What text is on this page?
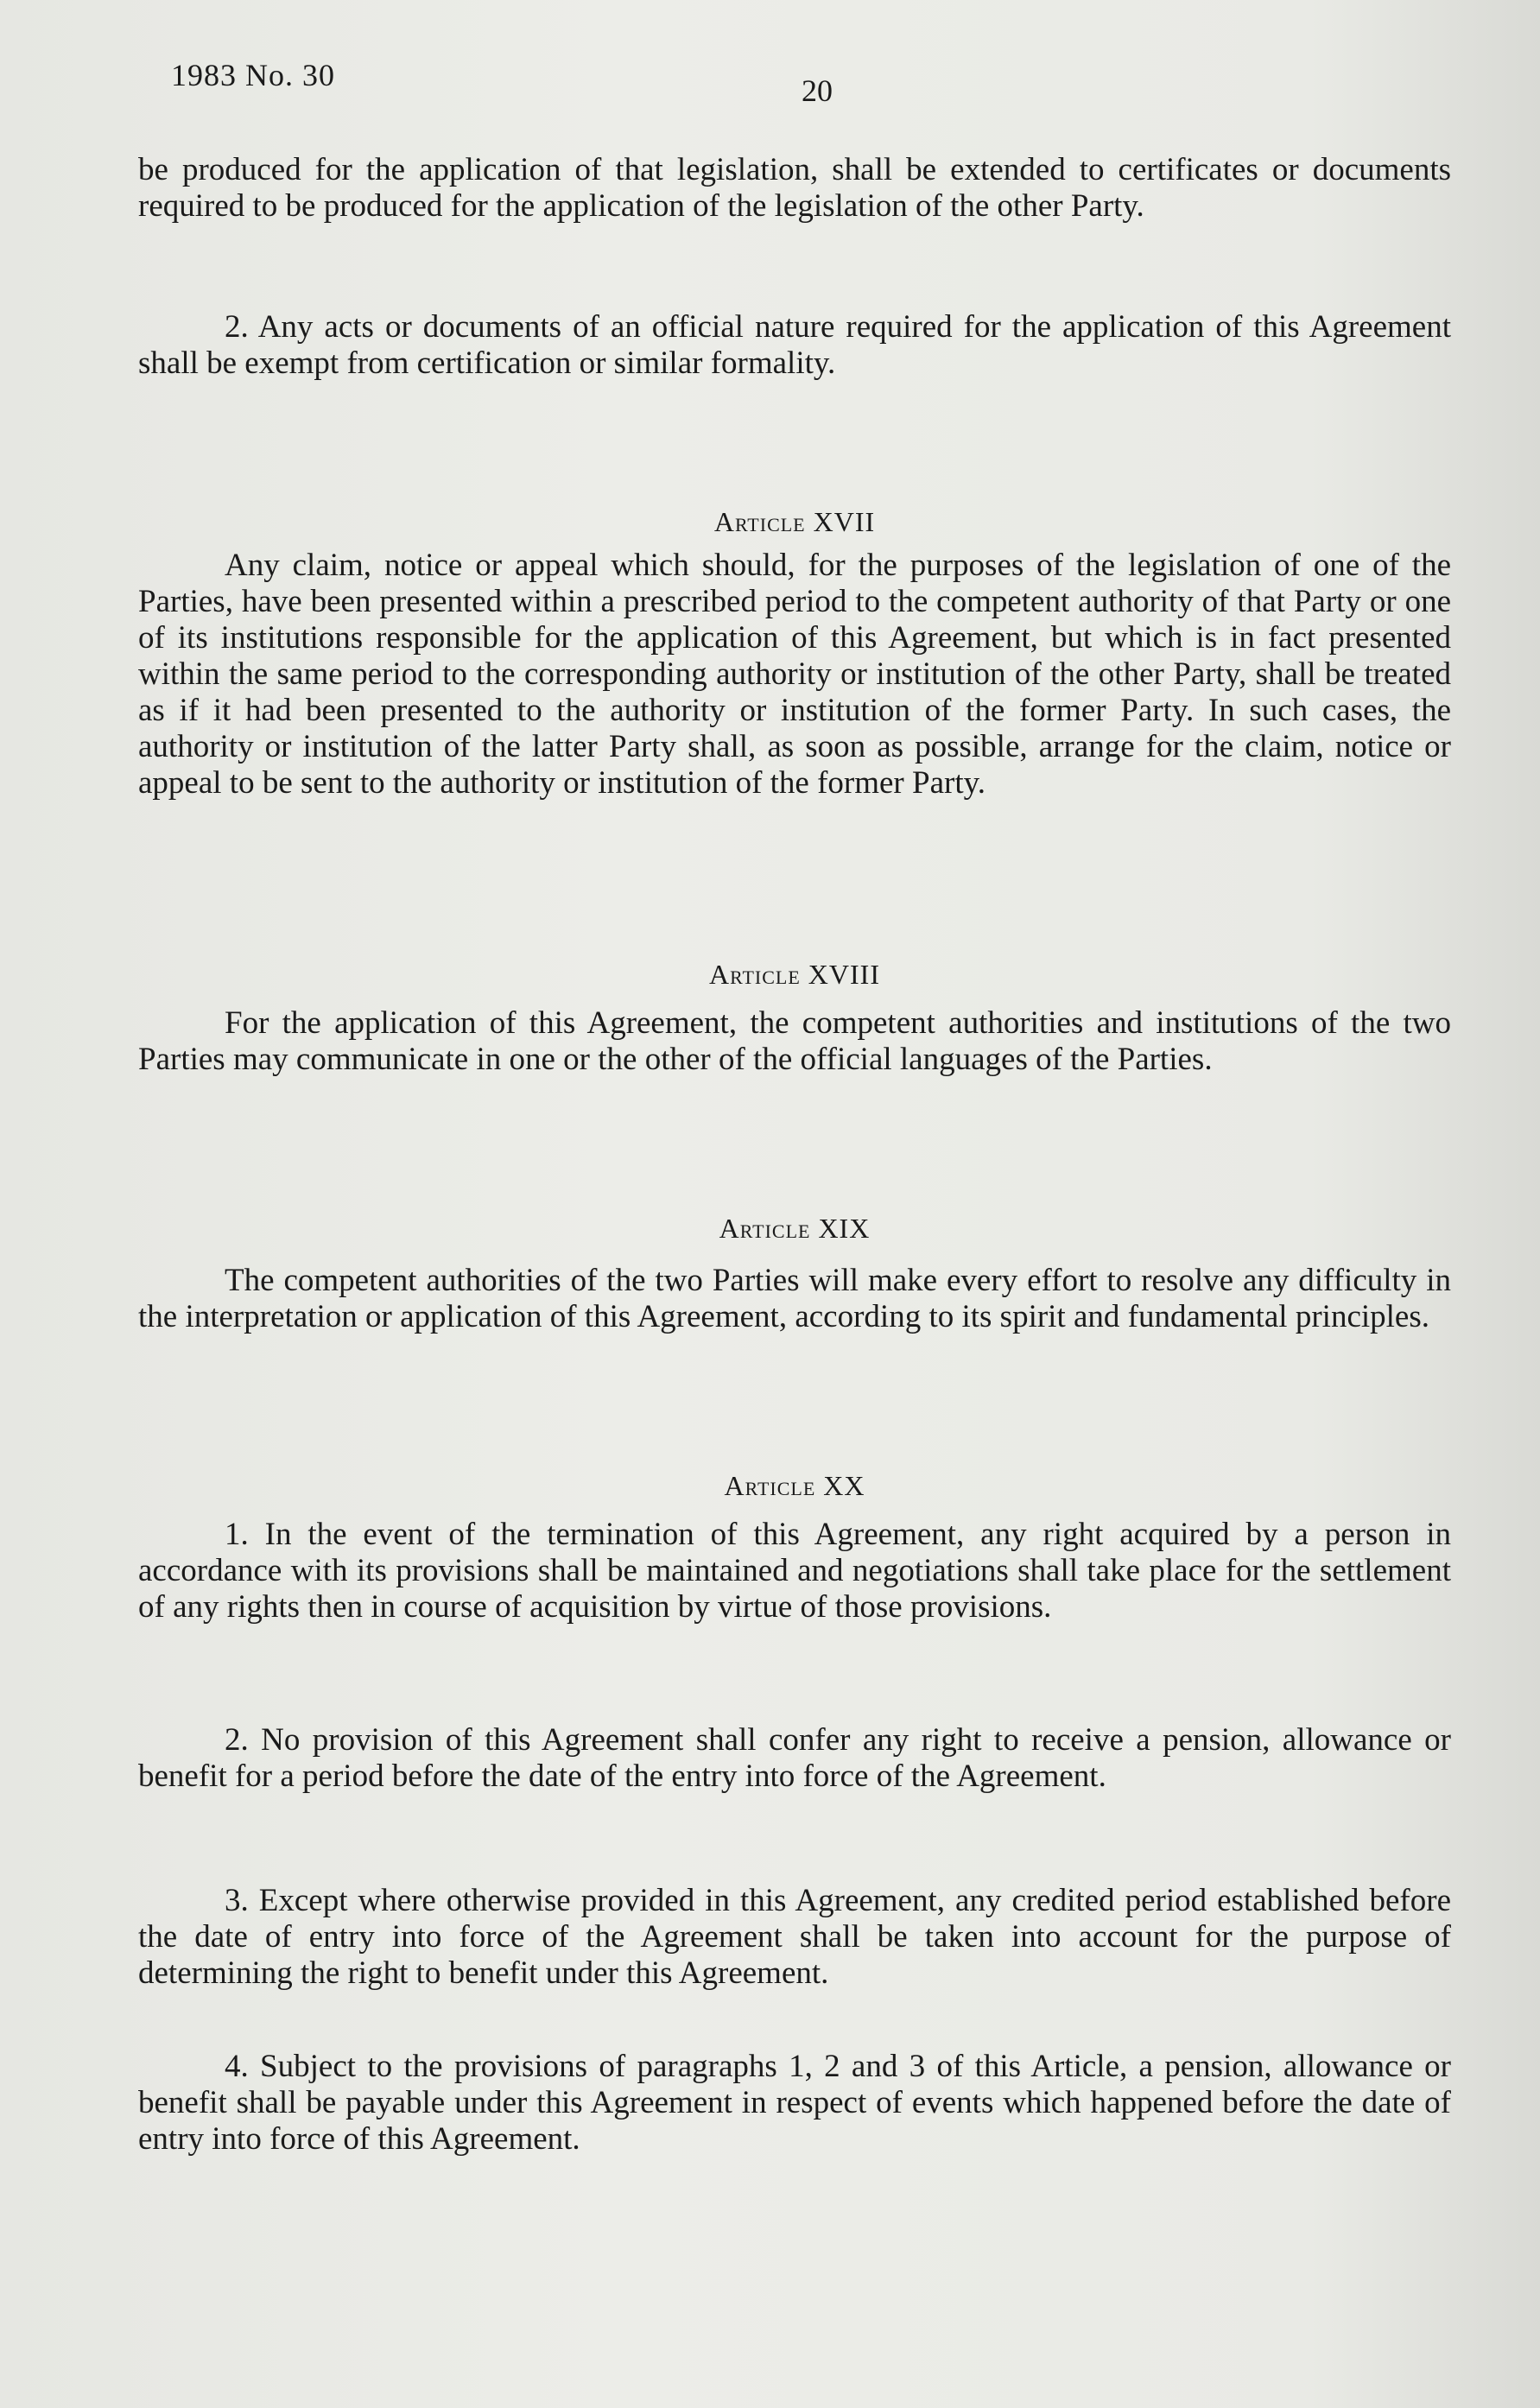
1983 No. 30	20

be produced for the application of that legislation, shall be extended to certificates or documents required to be produced for the application of the legislation of the other Party.

2. Any acts or documents of an official nature required for the application of this Agreement shall be exempt from certification or similar formality.

Article XVII

Any claim, notice or appeal which should, for the purposes of the legislation of one of the Parties, have been presented within a prescribed period to the competent authority of that Party or one of its institutions responsible for the application of this Agreement, but which is in fact presented within the same period to the corresponding authority or institution of the other Party, shall be treated as if it had been presented to the authority or institution of the former Party. In such cases, the authority or institution of the latter Party shall, as soon as possible, arrange for the claim, notice or appeal to be sent to the authority or institution of the former Party.

Article XVIII

For the application of this Agreement, the competent authorities and institutions of the two Parties may communicate in one or the other of the official languages of the Parties.

Article XIX

The competent authorities of the two Parties will make every effort to resolve any difficulty in the interpretation or application of this Agreement, according to its spirit and fundamental principles.

Article XX

1. In the event of the termination of this Agreement, any right acquired by a person in accordance with its provisions shall be maintained and negotiations shall take place for the settlement of any rights then in course of acquisition by virtue of those provisions.

2. No provision of this Agreement shall confer any right to receive a pension, allowance or benefit for a period before the date of the entry into force of the Agreement.

3. Except where otherwise provided in this Agreement, any credited period established before the date of entry into force of the Agreement shall be taken into account for the purpose of determining the right to benefit under this Agreement.

4. Subject to the provisions of paragraphs 1, 2 and 3 of this Article, a pension, allowance or benefit shall be payable under this Agreement in respect of events which happened before the date of entry into force of this Agreement.
